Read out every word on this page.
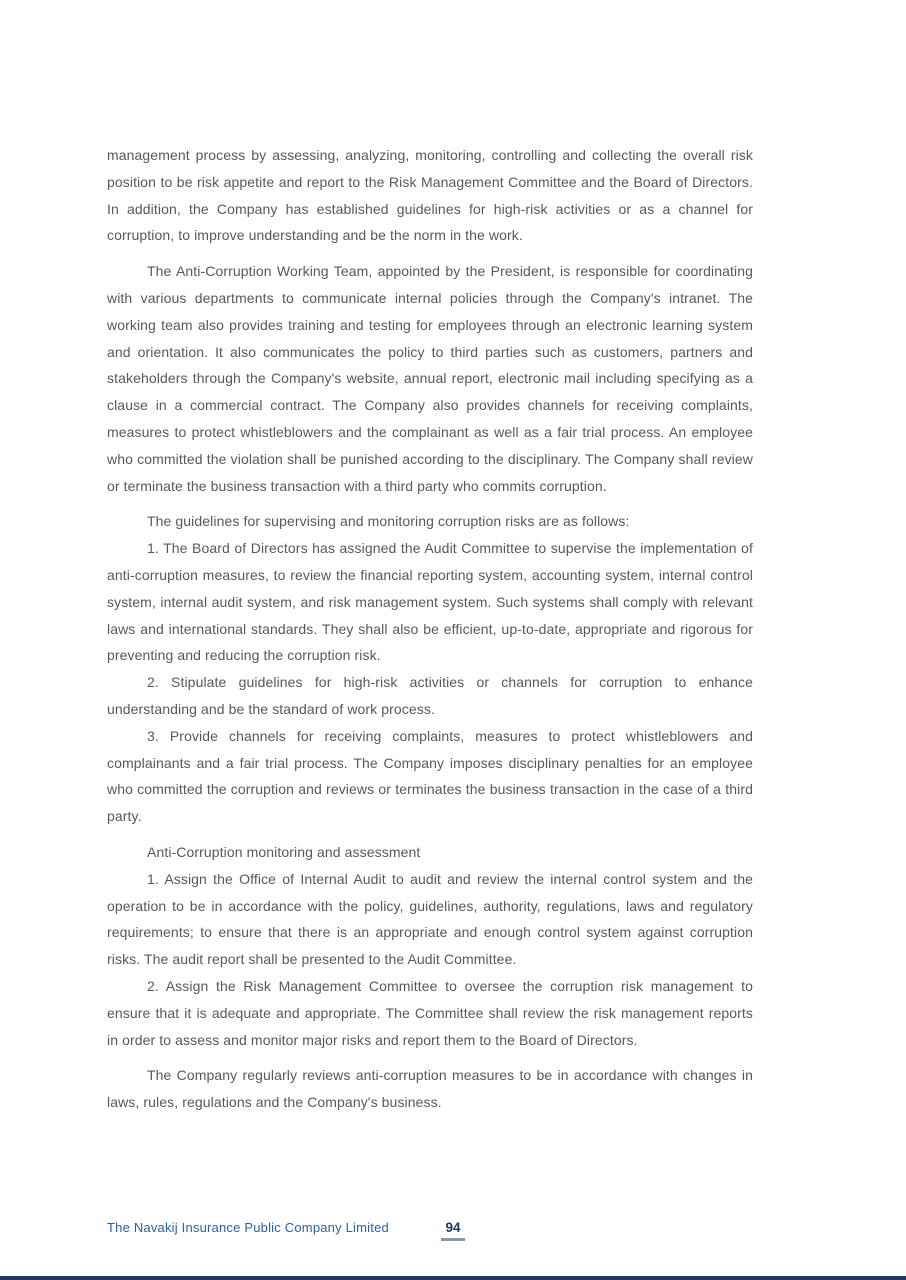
management process by assessing, analyzing, monitoring, controlling and collecting the overall risk position to be risk appetite and report to the Risk Management Committee and the Board of Directors. In addition, the Company has established guidelines for high-risk activities or as a channel for corruption, to improve understanding and be the norm in the work.

The Anti-Corruption Working Team, appointed by the President, is responsible for coordinating with various departments to communicate internal policies through the Company's intranet. The working team also provides training and testing for employees through an electronic learning system and orientation. It also communicates the policy to third parties such as customers, partners and stakeholders through the Company's website, annual report, electronic mail including specifying as a clause in a commercial contract. The Company also provides channels for receiving complaints, measures to protect whistleblowers and the complainant as well as a fair trial process. An employee who committed the violation shall be punished according to the disciplinary. The Company shall review or terminate the business transaction with a third party who commits corruption.

The guidelines for supervising and monitoring corruption risks are as follows:

1. The Board of Directors has assigned the Audit Committee to supervise the implementation of anti-corruption measures, to review the financial reporting system, accounting system, internal control system, internal audit system, and risk management system. Such systems shall comply with relevant laws and international standards. They shall also be efficient, up-to-date, appropriate and rigorous for preventing and reducing the corruption risk.

2. Stipulate guidelines for high-risk activities or channels for corruption to enhance understanding and be the standard of work process.

3. Provide channels for receiving complaints, measures to protect whistleblowers and complainants and a fair trial process. The Company imposes disciplinary penalties for an employee who committed the corruption and reviews or terminates the business transaction in the case of a third party.

Anti-Corruption monitoring and assessment

1. Assign the Office of Internal Audit to audit and review the internal control system and the operation to be in accordance with the policy, guidelines, authority, regulations, laws and regulatory requirements; to ensure that there is an appropriate and enough control system against corruption risks. The audit report shall be presented to the Audit Committee.

2. Assign the Risk Management Committee to oversee the corruption risk management to ensure that it is adequate and appropriate. The Committee shall review the risk management reports in order to assess and monitor major risks and report them to the Board of Directors.

The Company regularly reviews anti-corruption measures to be in accordance with changes in laws, rules, regulations and the Company's business.

94
The Navakij Insurance Public Company Limited
